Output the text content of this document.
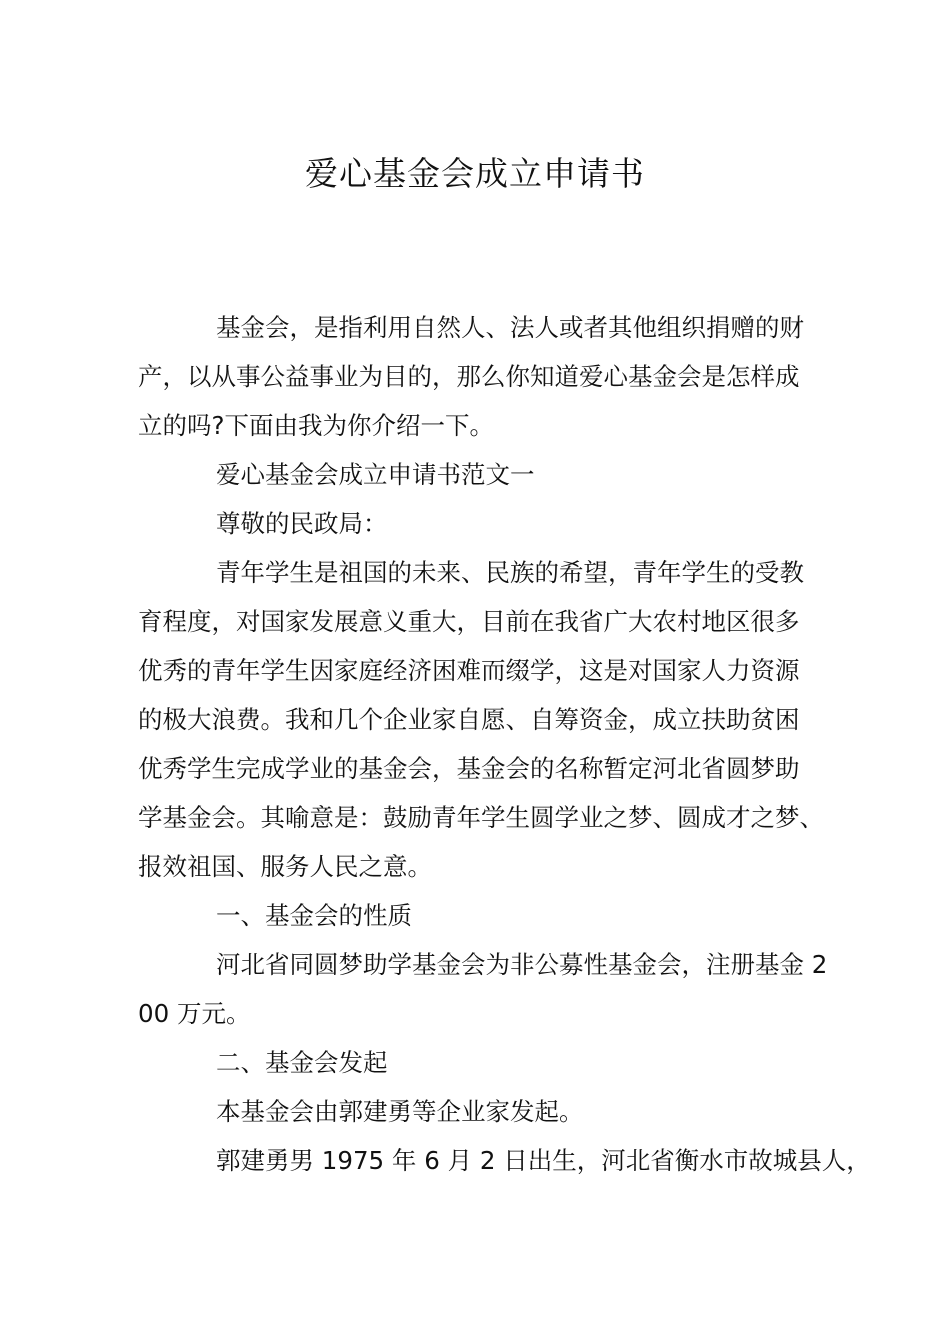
爱心基金会成立申请书
基金会，是指利用自然人、法人或者其他组织捐赠的财
产，以从事公益事业为目的，那么你知道爱心基金会是怎样成
立的吗?下面由我为你介绍一下。
爱心基金会成立申请书范文一
尊敬的民政局：
青年学生是祖国的未来、民族的希望，青年学生的受教
育程度，对国家发展意义重大，目前在我省广大农村地区很多
优秀的青年学生因家庭经济困难而缀学，这是对国家人力资源
的极大浪费。我和几个企业家自愿、自筹资金，成立扶助贫困
优秀学生完成学业的基金会，基金会的名称暂定河北省圆梦助
学基金会。其喻意是：鼓励青年学生圆学业之梦、圆成才之梦、
报效祖国、服务人民之意。
一、基金会的性质
河北省同圆梦助学基金会为非公募性基金会，注册基金 2
00 万元。
二、基金会发起
本基金会由郭建勇等企业家发起。
郭建勇男 1975 年 6 月 2 日出生，河北省衡水市故城县人，
